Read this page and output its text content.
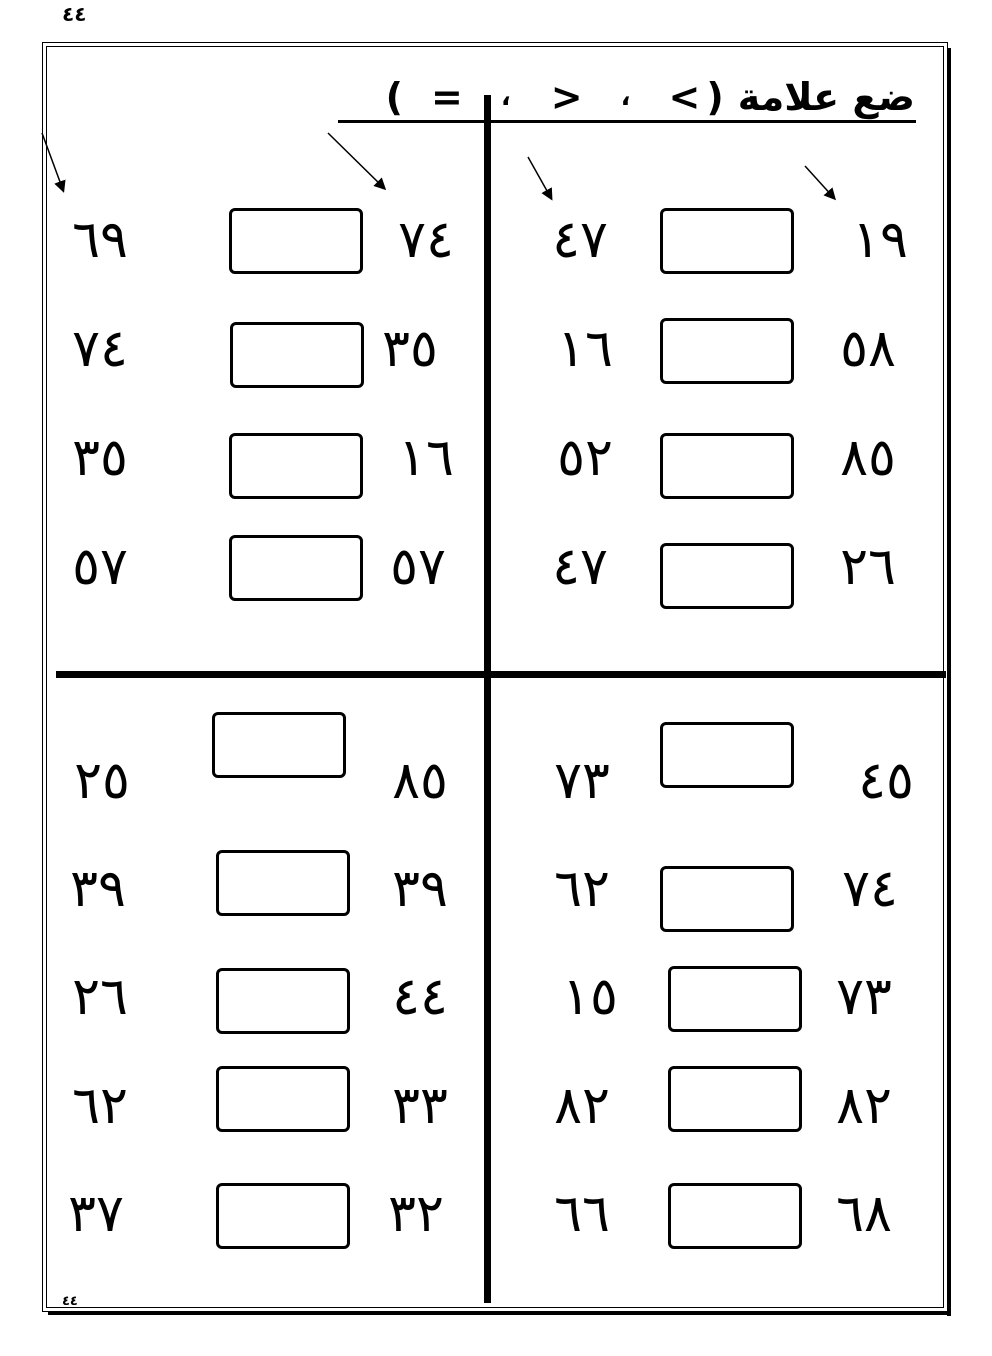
٤٤
ضع علامة
(
>
،
<
،
=
)
١٩
٤٧
٥٨
١٦
٨٥
٥٢
٢٦
٤٧
٧٤
٦٩
٣٥
٧٤
١٦
٣٥
٥٧
٥٧
٤٥
٧٣
٧٤
٦٢
٧٣
١٥
٨٢
٨٢
٦٨
٦٦
٨٥
٢٥
٣٩
٣٩
٤٤
٢٦
٣٣
٦٢
٣٢
٣٧
٤٤
